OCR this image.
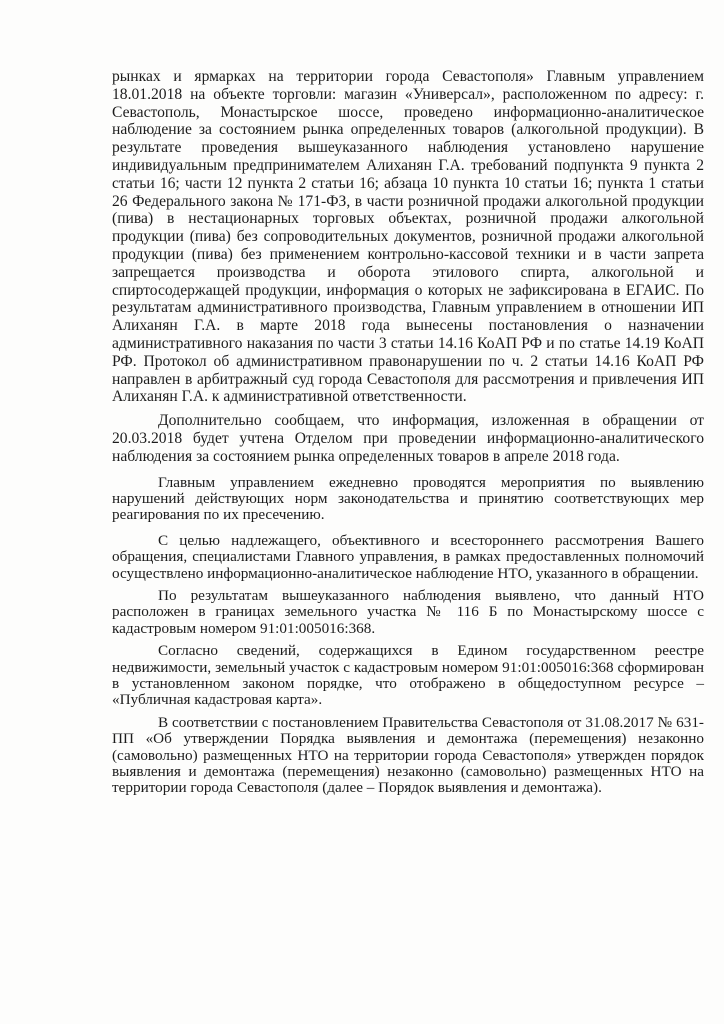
рынках и ярмарках на территории города Севастополя» Главным управлением 18.01.2018 на объекте торговли: магазин «Универсал», расположенном по адресу: г. Севастополь, Монастырское шоссе, проведено информационно-аналитическое наблюдение за состоянием рынка определенных товаров (алкогольной продукции). В результате проведения вышеуказанного наблюдения установлено нарушение индивидуальным предпринимателем Алиханян Г.А. требований подпункта 9 пункта 2 статьи 16; части 12 пункта 2 статьи 16; абзаца 10 пункта 10 статьи 16; пункта 1 статьи 26 Федерального закона № 171-ФЗ, в части розничной продажи алкогольной продукции (пива) в нестационарных торговых объектах, розничной продажи алкогольной продукции (пива) без сопроводительных документов, розничной продажи алкогольной продукции (пива) без применением контрольно-кассовой техники и в части запрета запрещается производства и оборота этилового спирта, алкогольной и спиртосодержащей продукции, информация о которых не зафиксирована в ЕГАИС. По результатам административного производства, Главным управлением в отношении ИП Алиханян Г.А. в марте 2018 года вынесены постановления о назначении административного наказания по части 3 статьи 14.16 КоАП РФ и по статье 14.19 КоАП РФ. Протокол об административном правонарушении по ч. 2 статьи 14.16 КоАП РФ направлен в арбитражный суд города Севастополя для рассмотрения и привлечения ИП Алиханян Г.А. к административной ответственности.

Дополнительно сообщаем, что информация, изложенная в обращении от 20.03.2018 будет учтена Отделом при проведении информационно-аналитического наблюдения за состоянием рынка определенных товаров в апреле 2018 года.

Главным управлением ежедневно проводятся мероприятия по выявлению нарушений действующих норм законодательства и принятию соответствующих мер реагирования по их пресечению.

С целью надлежащего, объективного и всестороннего рассмотрения Вашего обращения, специалистами Главного управления, в рамках предоставленных полномочий осуществлено информационно-аналитическое наблюдение НТО, указанного в обращении.

По результатам вышеуказанного наблюдения выявлено, что данный НТО расположен в границах земельного участка № 116 Б по Монастырскому шоссе с кадастровым номером 91:01:005016:368.

Согласно сведений, содержащихся в Едином государственном реестре недвижимости, земельный участок с кадастровым номером 91:01:005016:368 сформирован в установленном законом порядке, что отображено в общедоступном ресурсе – «Публичная кадастровая карта».

В соответствии с постановлением Правительства Севастополя от 31.08.2017 № 631-ПП «Об утверждении Порядка выявления и демонтажа (перемещения) незаконно (самовольно) размещенных НТО на территории города Севастополя» утвержден порядок выявления и демонтажа (перемещения) незаконно (самовольно) размещенных НТО на территории города Севастополя (далее – Порядок выявления и демонтажа).
